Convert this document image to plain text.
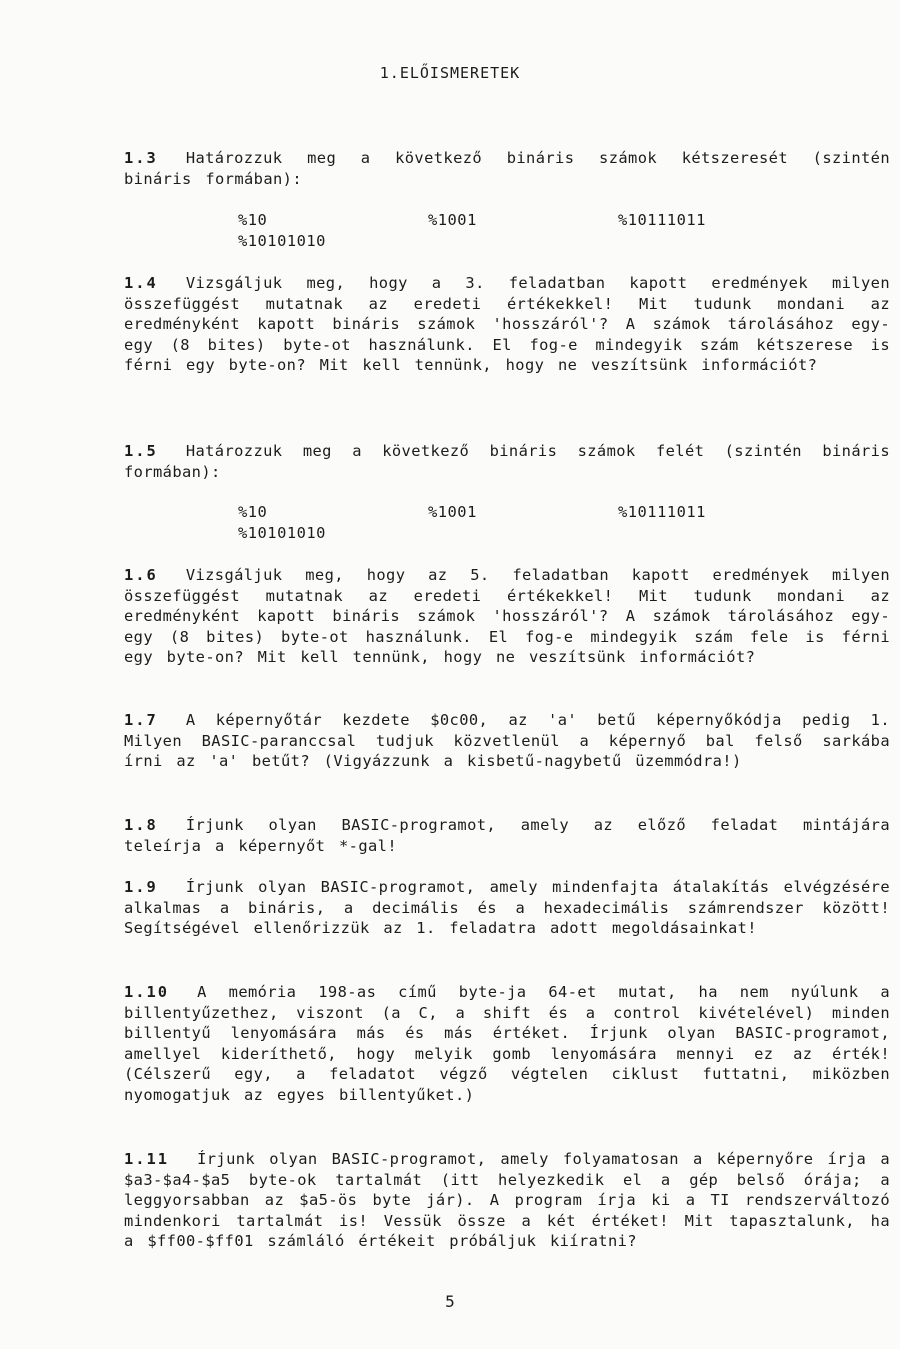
1.ELŐISMERETEK

1.3 Határozzuk meg a következő bináris számok kétszeresét (szintén bináris formában):

%10	%1001	%10111011
%10101010

1.4 Vizsgáljuk meg, hogy a 3. feladatban kapott eredmények milyen összefüggést mutatnak az eredeti értékekkel! Mit tudunk mondani az eredményként kapott bináris számok 'hosszáról'? A számok tárolásához egy-egy (8 bites) byte-ot használunk. El fog-e mindegyik szám kétszerese is férni egy byte-on? Mit kell tennünk, hogy ne veszítsünk információt?

1.5 Határozzuk meg a következő bináris számok felét (szintén bináris formában):

%10	%1001	%10111011
%10101010

1.6 Vizsgáljuk meg, hogy az 5. feladatban kapott eredmények milyen összefüggést mutatnak az eredeti értékekkel! Mit tudunk mondani az eredményként kapott bináris számok 'hosszáról'? A számok tárolásához egy-egy (8 bites) byte-ot használunk. El fog-e mindegyik szám fele is férni egy byte-on? Mit kell tennünk, hogy ne veszítsünk információt?

1.7 A képernyőtár kezdete $0c00, az 'a' betű képernyőkódja pedig 1. Milyen BASIC-paranccsal tudjuk közvetlenül a képernyő bal felső sarkába írni az 'a' betűt? (Vigyázzunk a kisbetű-nagybetű üzemmódra!)

1.8 Írjunk olyan BASIC-programot, amely az előző feladat mintájára teleírja a képernyőt *-gal!

1.9 Írjunk olyan BASIC-programot, amely mindenfajta átalakítás elvégzésére alkalmas a bináris, a decimális és a hexadecimális számrendszer között! Segítségével ellenőrizzük az 1. feladatra adott megoldásainkat!

1.10 A memória 198-as című byte-ja 64-et mutat, ha nem nyúlunk a billentyűzethez, viszont (a C, a shift és a control kivételével) minden billentyű lenyomására más és más értéket. Írjunk olyan BASIC-programot, amellyel kideríthető, hogy melyik gomb lenyomására mennyi ez az érték! (Célszerű egy, a feladatot végző végtelen ciklust futtatni, miközben nyomogatjuk az egyes billentyűket.)

1.11 Írjunk olyan BASIC-programot, amely folyamatosan a képernyőre írja a $a3-$a4-$a5 byte-ok tartalmát (itt helyezkedik el a gép belső órája; a leggyorsabban az $a5-ös byte jár). A program írja ki a TI rendszerváltozó mindenkori tartalmát is! Vessük össze a két értéket! Mit tapasztalunk, ha a $ff00-$ff01 számláló értékeit próbáljuk kiíratni?

5
